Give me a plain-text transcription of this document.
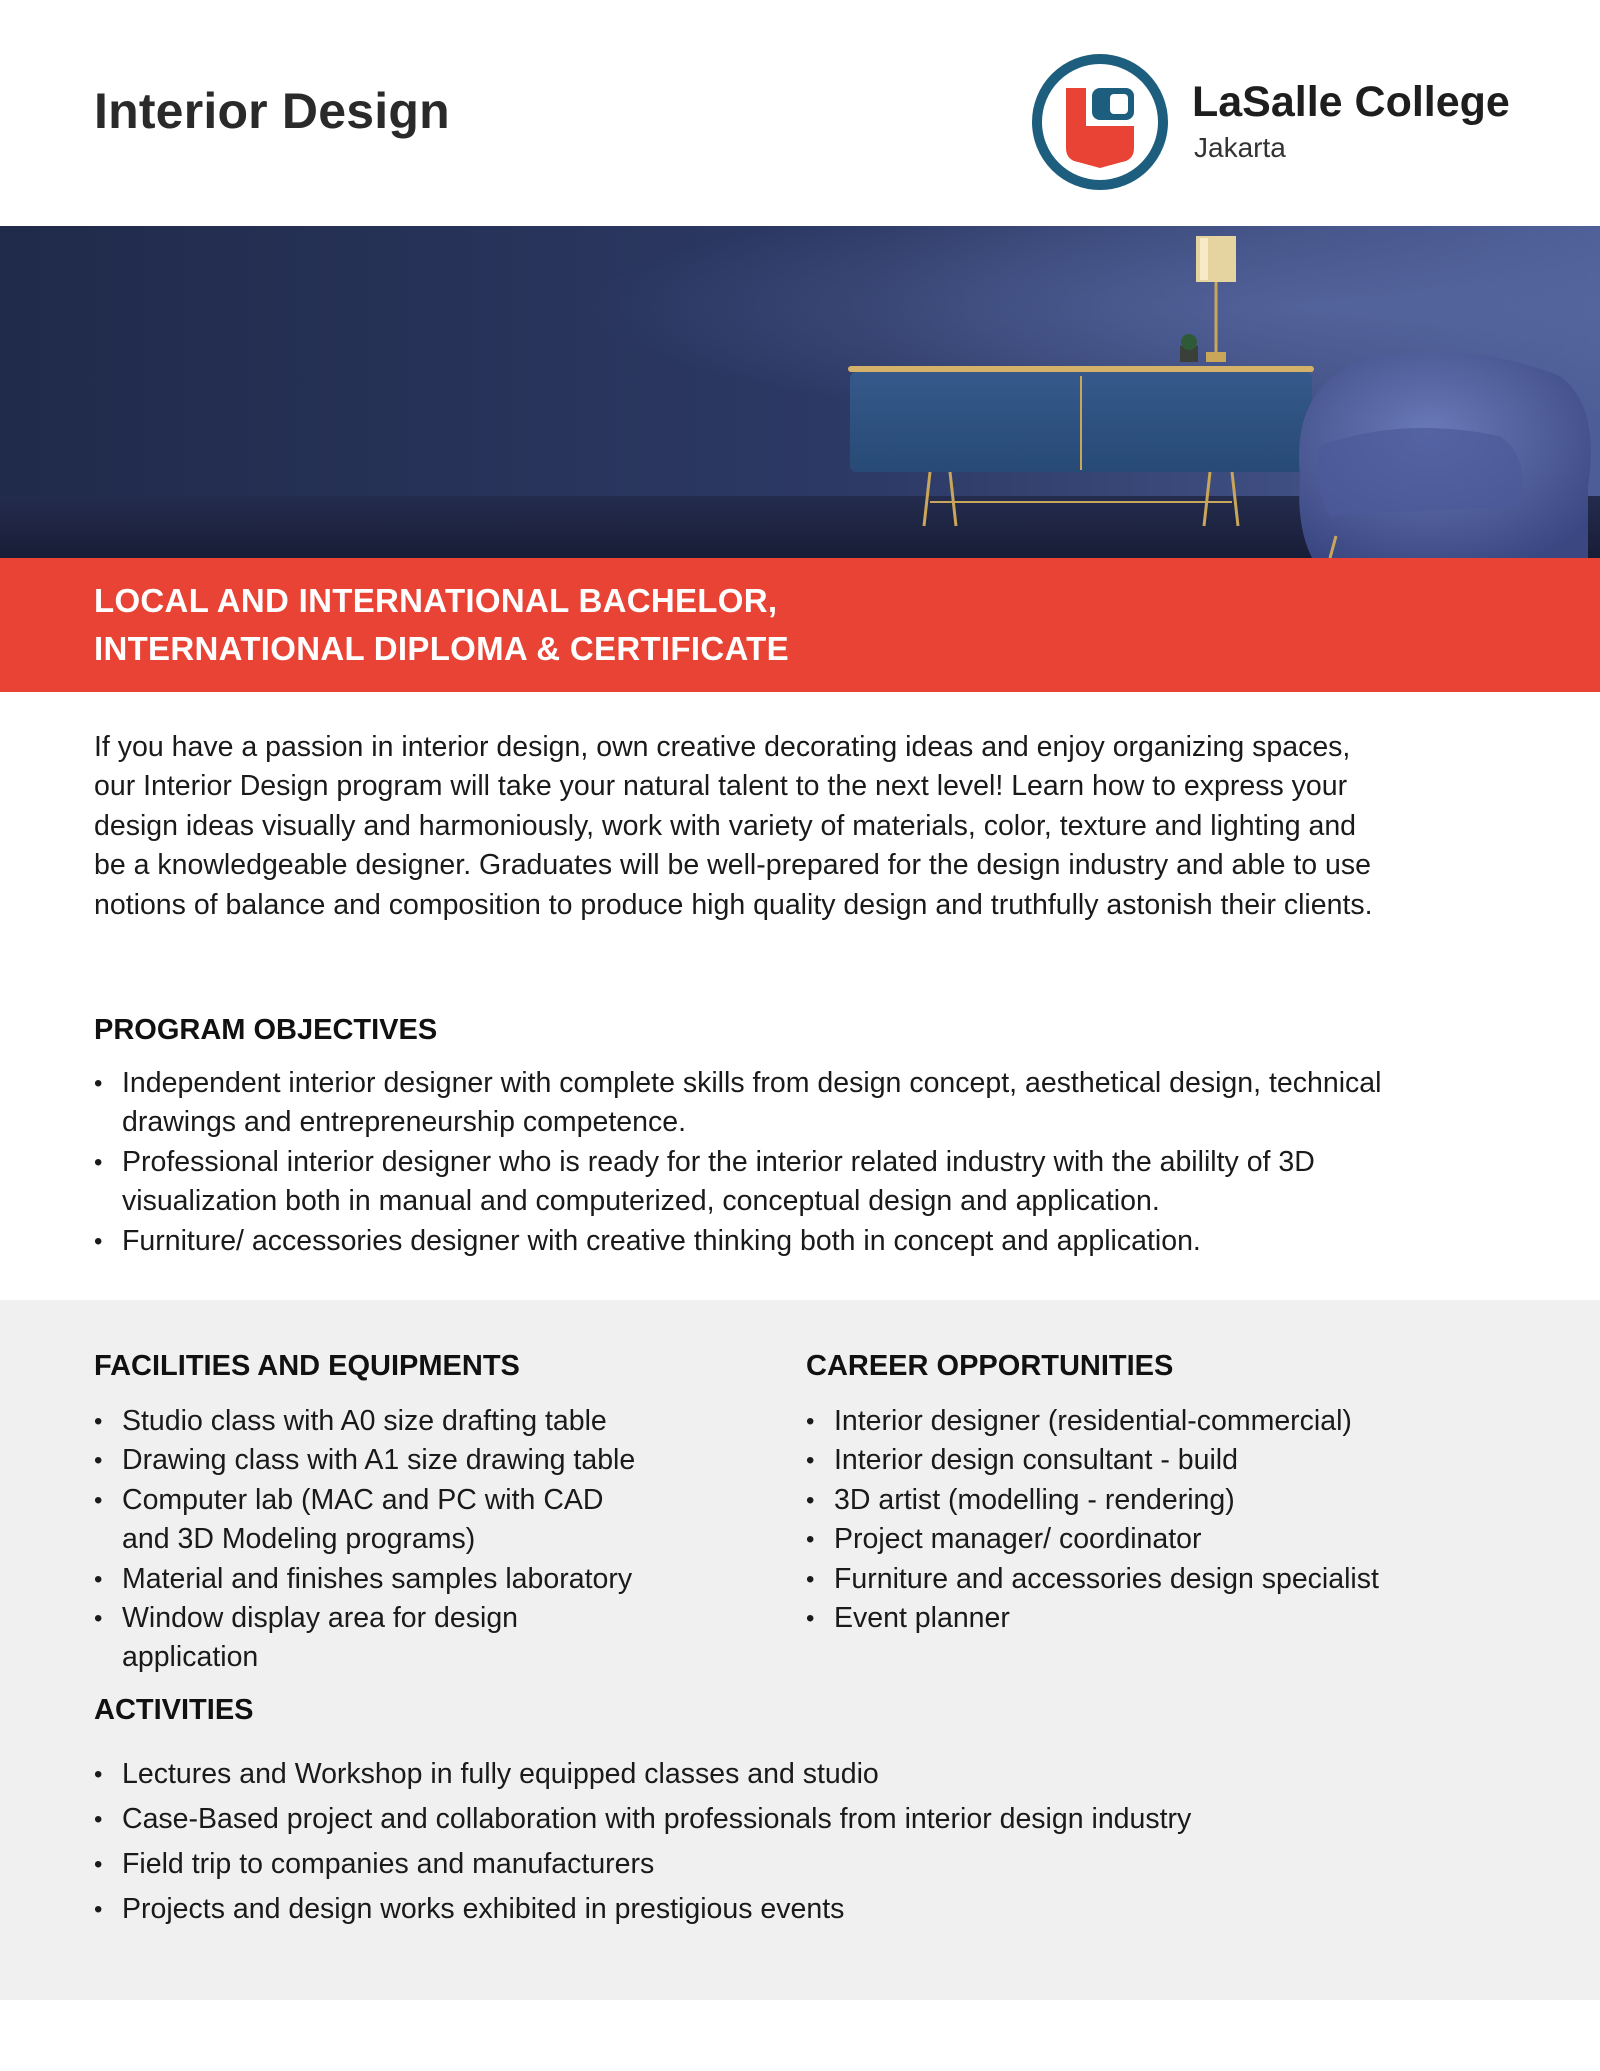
Interior Design	LaSalle College
Jakarta
LOCAL AND INTERNATIONAL BACHELOR,
INTERNATIONAL DIPLOMA & CERTIFICATE

If you have a passion in interior design, own creative decorating ideas and enjoy organizing spaces, our Interior Design program will take your natural talent to the next level! Learn how to express your design ideas visually and harmoniously, work with variety of materials, color, texture and lighting and be a knowledgeable designer. Graduates will be well-prepared for the design industry and able to use notions of balance and composition to produce high quality design and truthfully astonish their clients.

PROGRAM OBJECTIVES
• Independent interior designer with complete skills from design concept, aesthetical design, technical drawings and entrepreneurship competence.
• Professional interior designer who is ready for the interior related industry with the abililty of 3D visualization both in manual and computerized, conceptual design and application.
• Furniture/ accessories designer with creative thinking both in concept and application.
FACILITIES AND EQUIPMENTS
• Studio class with A0 size drafting table
• Drawing class with A1 size drawing table
• Computer lab (MAC and PC with CAD and 3D Modeling programs)
• Material and finishes samples laboratory
• Window display area for design application
CAREER OPPORTUNITIES
• Interior designer (residential-commercial)
• Interior design consultant - build
• 3D artist (modelling - rendering)
• Project manager/ coordinator
• Furniture and accessories design specialist
• Event planner
ACTIVITIES
• Lectures and Workshop in fully equipped classes and studio
• Case-Based project and collaboration with professionals from interior design industry
• Field trip to companies and manufacturers
• Projects and design works exhibited in prestigious events
